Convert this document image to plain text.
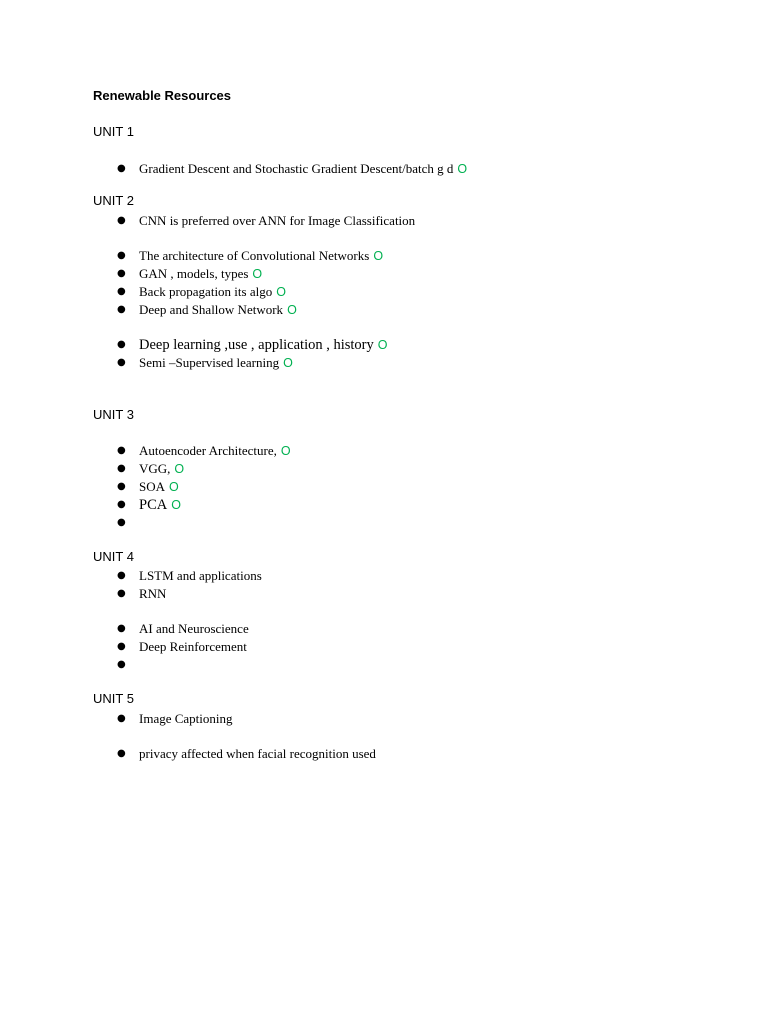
Renewable Resources
UNIT 1
● Gradient Descent and Stochastic Gradient Descent/batch g d O
UNIT 2
● CNN is preferred over ANN for Image Classification
● The architecture of Convolutional Networks O
● GAN , models, types O
● Back propagation its algo O
● Deep and Shallow Network O
● Deep learning ,use , application , history O
● Semi –Supervised learning O
UNIT 3
● Autoencoder Architecture, O
● VGG, O
● SOA O
● PCA O
●
UNIT 4
● LSTM and applications
● RNN
● AI and Neuroscience
● Deep Reinforcement
●
UNIT 5
● Image Captioning
● privacy affected when facial recognition used
